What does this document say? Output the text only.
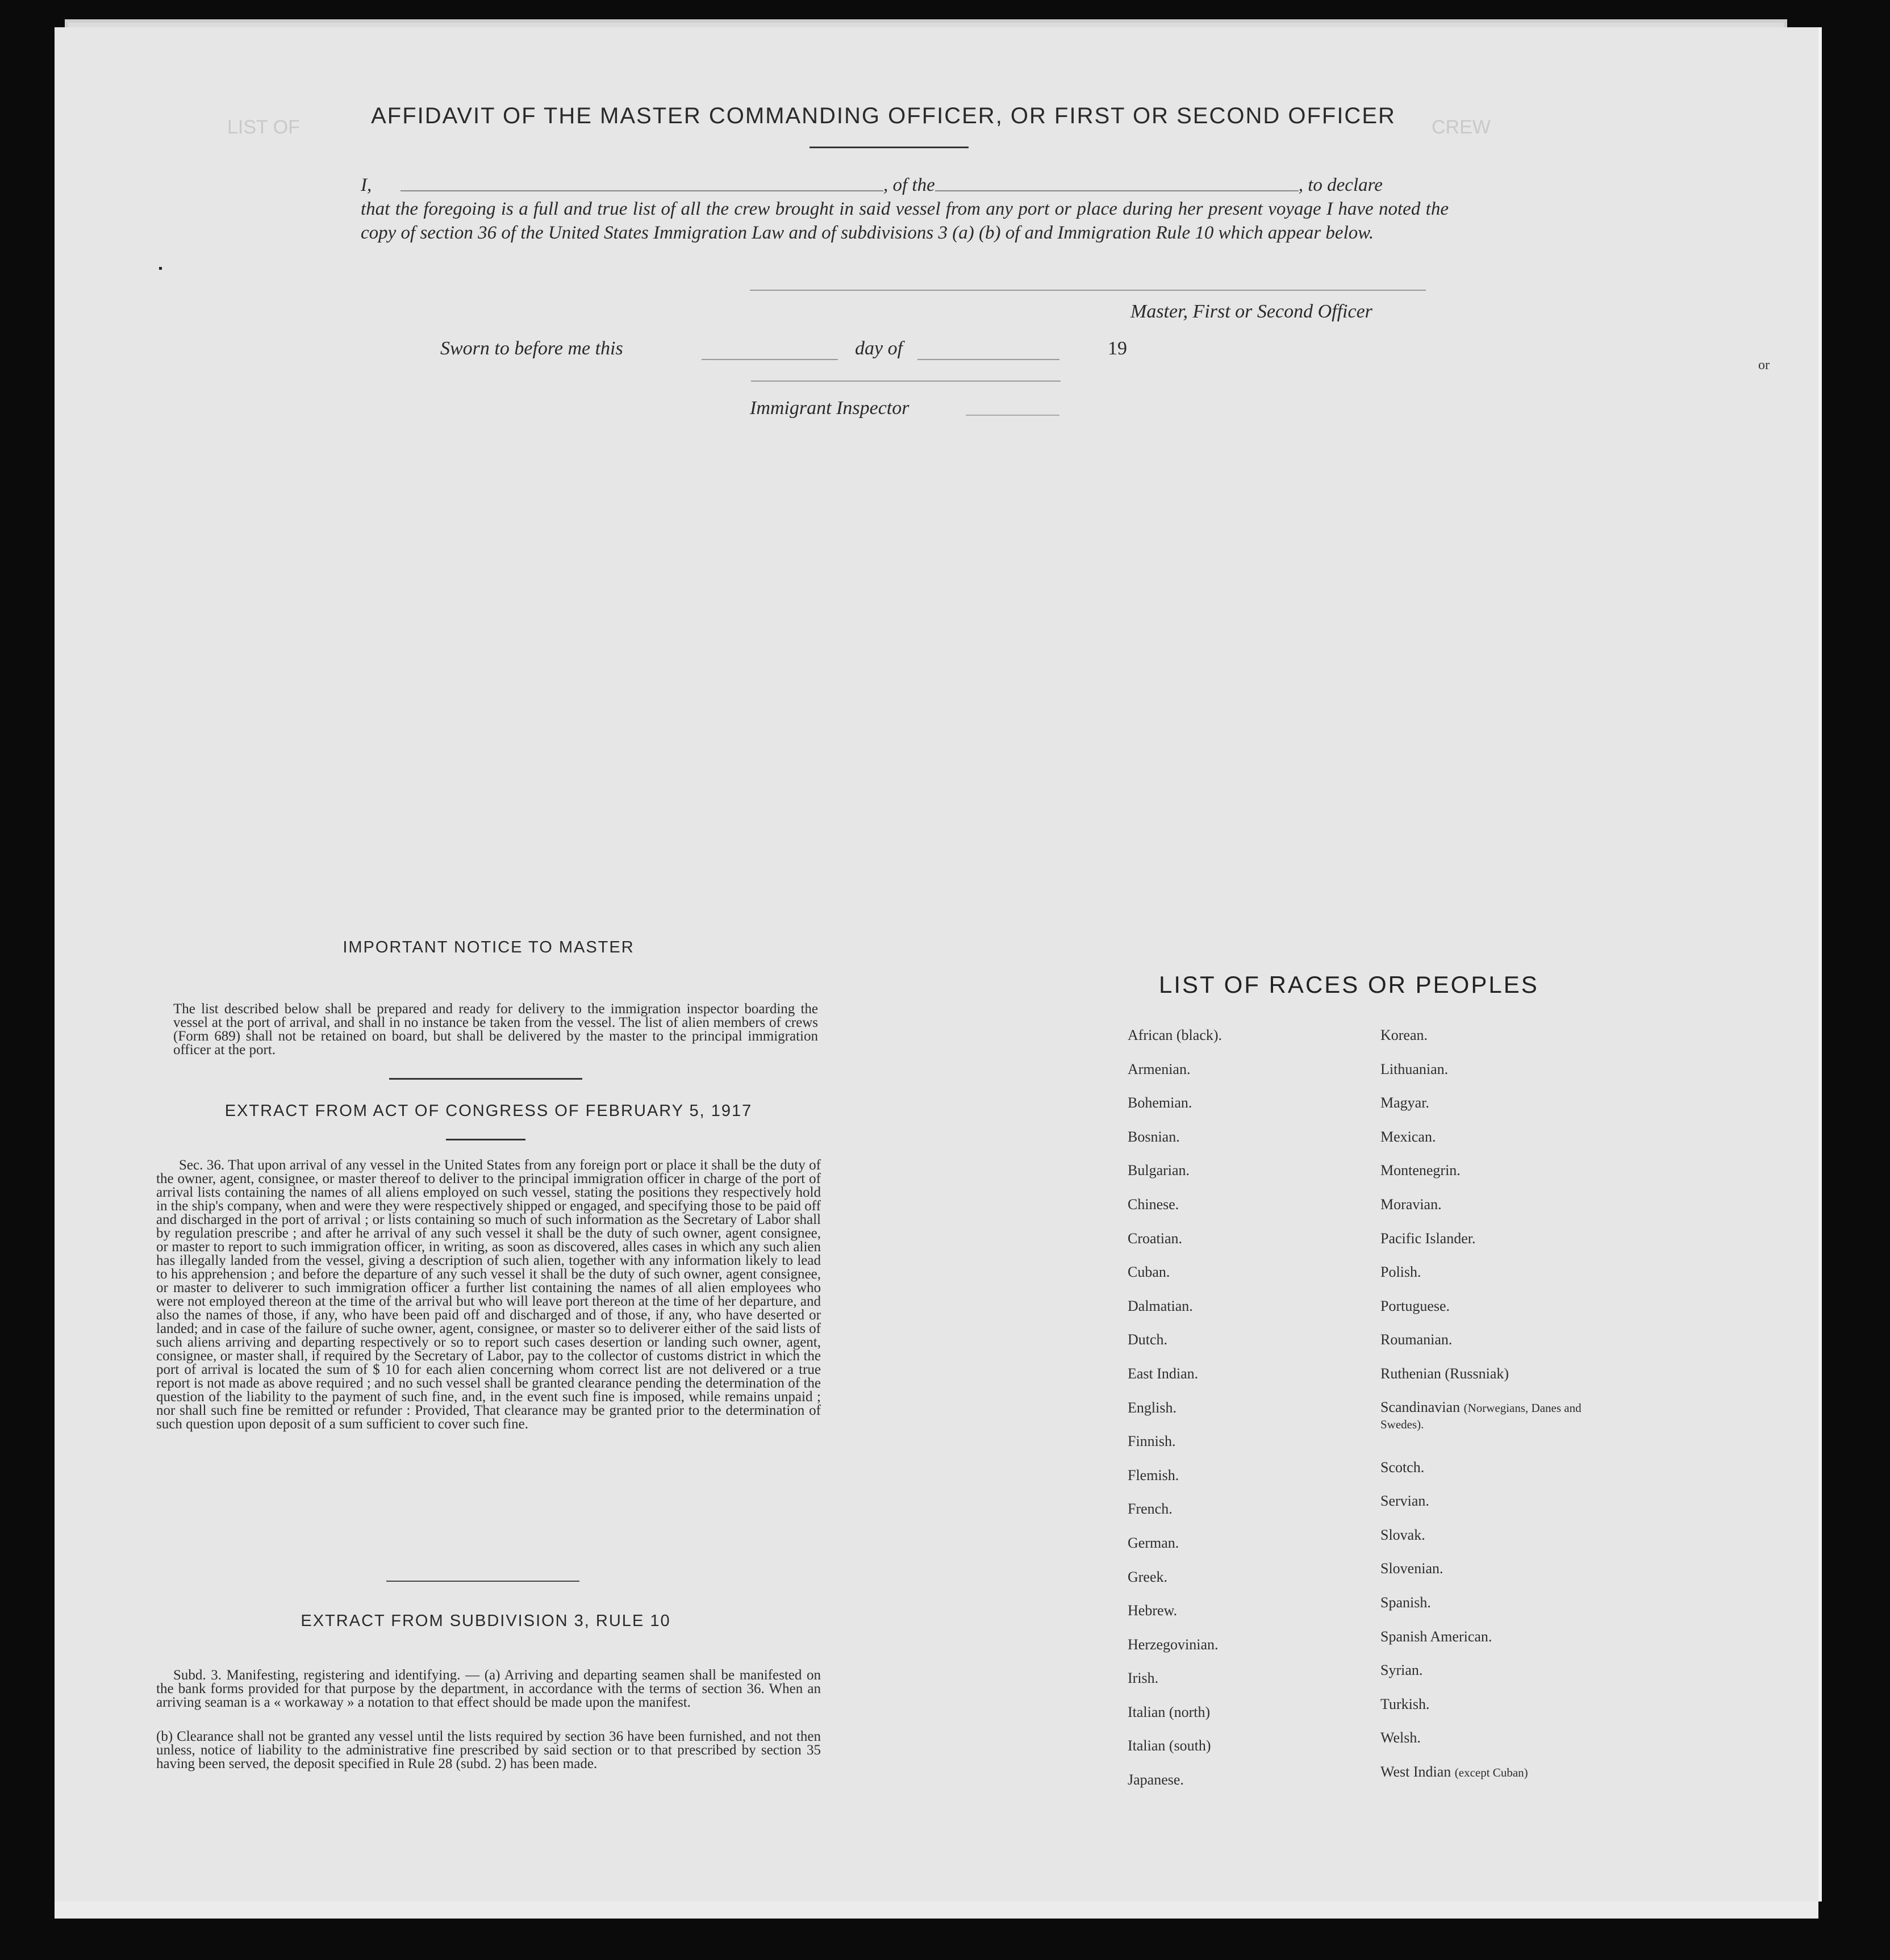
AFFIDAVIT OF THE MASTER COMMANDING OFFICER, OR FIRST OR SECOND OFFICER
I,	, of the	, to declare
that the foregoing is a full and true list of all the crew brought in said vessel from any port or place during her present voyage I have noted the copy of section 36 of the United States Immigration Law and of subdivisions 3 (a) (b) of and Immigration Rule 10 which appear below.
Master, First or Second Officer
Sworn to before me this	day of	19
Immigrant Inspector
or
LIST OF	CREW
IMPORTANT NOTICE TO MASTER
The list described below shall be prepared and ready for delivery to the immigration inspector boarding the vessel at the port of arrival, and shall in no instance be taken from the vessel. The list of alien members of crews (Form 689) shall not be retained on board, but shall be delivered by the master to the principal immigration officer at the port.
EXTRACT FROM ACT OF CONGRESS OF FEBRUARY 5, 1917
Sec. 36. That upon arrival of any vessel in the United States from any foreign port or place it shall be the duty of the owner, agent, consignee, or master thereof to deliver to the principal immigration officer in charge of the port of arrival lists containing the names of all aliens employed on such vessel, stating the positions they respectively hold in the ship's company, when and were they were respectively shipped or engaged, and specifying those to be paid off and discharged in the port of arrival ; or lists containing so much of such information as the Secretary of Labor shall by regulation prescribe ; and after he arrival of any such vessel it shall be the duty of such owner, agent consignee, or master to report to such immigration officer, in writing, as soon as discovered, alles cases in which any such alien has illegally landed from the vessel, giving a description of such alien, together with any information likely to lead to his apprehension ; and before the departure of any such vessel it shall be the duty of such owner, agent consignee, or master to deliverer to such immigration officer a further list containing the names of all alien employees who were not employed thereon at the time of the arrival but who will leave port thereon at the time of her departure, and also the names of those, if any, who have been paid off and discharged and of those, if any, who have deserted or landed; and in case of the failure of suche owner, agent, consignee, or master so to deliverer either of the said lists of such aliens arriving and departing respectively or so to report such cases desertion or landing such owner, agent, consignee, or master shall, if required by the Secretary of Labor, pay to the collector of customs district in which the port of arrival is located the sum of $ 10 for each alien concerning whom correct list are not delivered or a true report is not made as above required ; and no such vessel shall be granted clearance pending the determination of the question of the liability to the payment of such fine, and, in the event such fine is imposed, while remains unpaid ; nor shall such fine be remitted or refunder : Provided, That clearance may be granted prior to the determination of such question upon deposit of a sum sufficient to cover such fine.
EXTRACT FROM SUBDIVISION 3, RULE 10
Subd. 3. Manifesting, registering and identifying. — (a) Arriving and departing seamen shall be manifested on the bank forms provided for that purpose by the department, in accordance with the terms of section 36. When an arriving seaman is a « workaway » a notation to that effect should be made upon the manifest.
(b) Clearance shall not be granted any vessel until the lists required by section 36 have been furnished, and not then unless, notice of liability to the administrative fine prescribed by said section or to that prescribed by section 35 having been served, the deposit specified in Rule 28 (subd. 2) has been made.
LIST OF RACES OR PEOPLES
African (black).
Armenian.
Bohemian.
Bosnian.
Bulgarian.
Chinese.
Croatian.
Cuban.
Dalmatian.
Dutch.
East Indian.
English.
Finnish.
Flemish.
French.
German.
Greek.
Hebrew.
Herzegovinian.
Irish.
Italian (north)
Italian (south)
Japanese.
Korean.
Lithuanian.
Magyar.
Mexican.
Montenegrin.
Moravian.
Pacific Islander.
Polish.
Portuguese.
Roumanian.
Ruthenian (Russniak)
Scandinavian (Norwegians, Danes and Swedes).
Scotch.
Servian.
Slovak.
Slovenian.
Spanish.
Spanish American.
Syrian.
Turkish.
Welsh.
West Indian (except Cuban)
